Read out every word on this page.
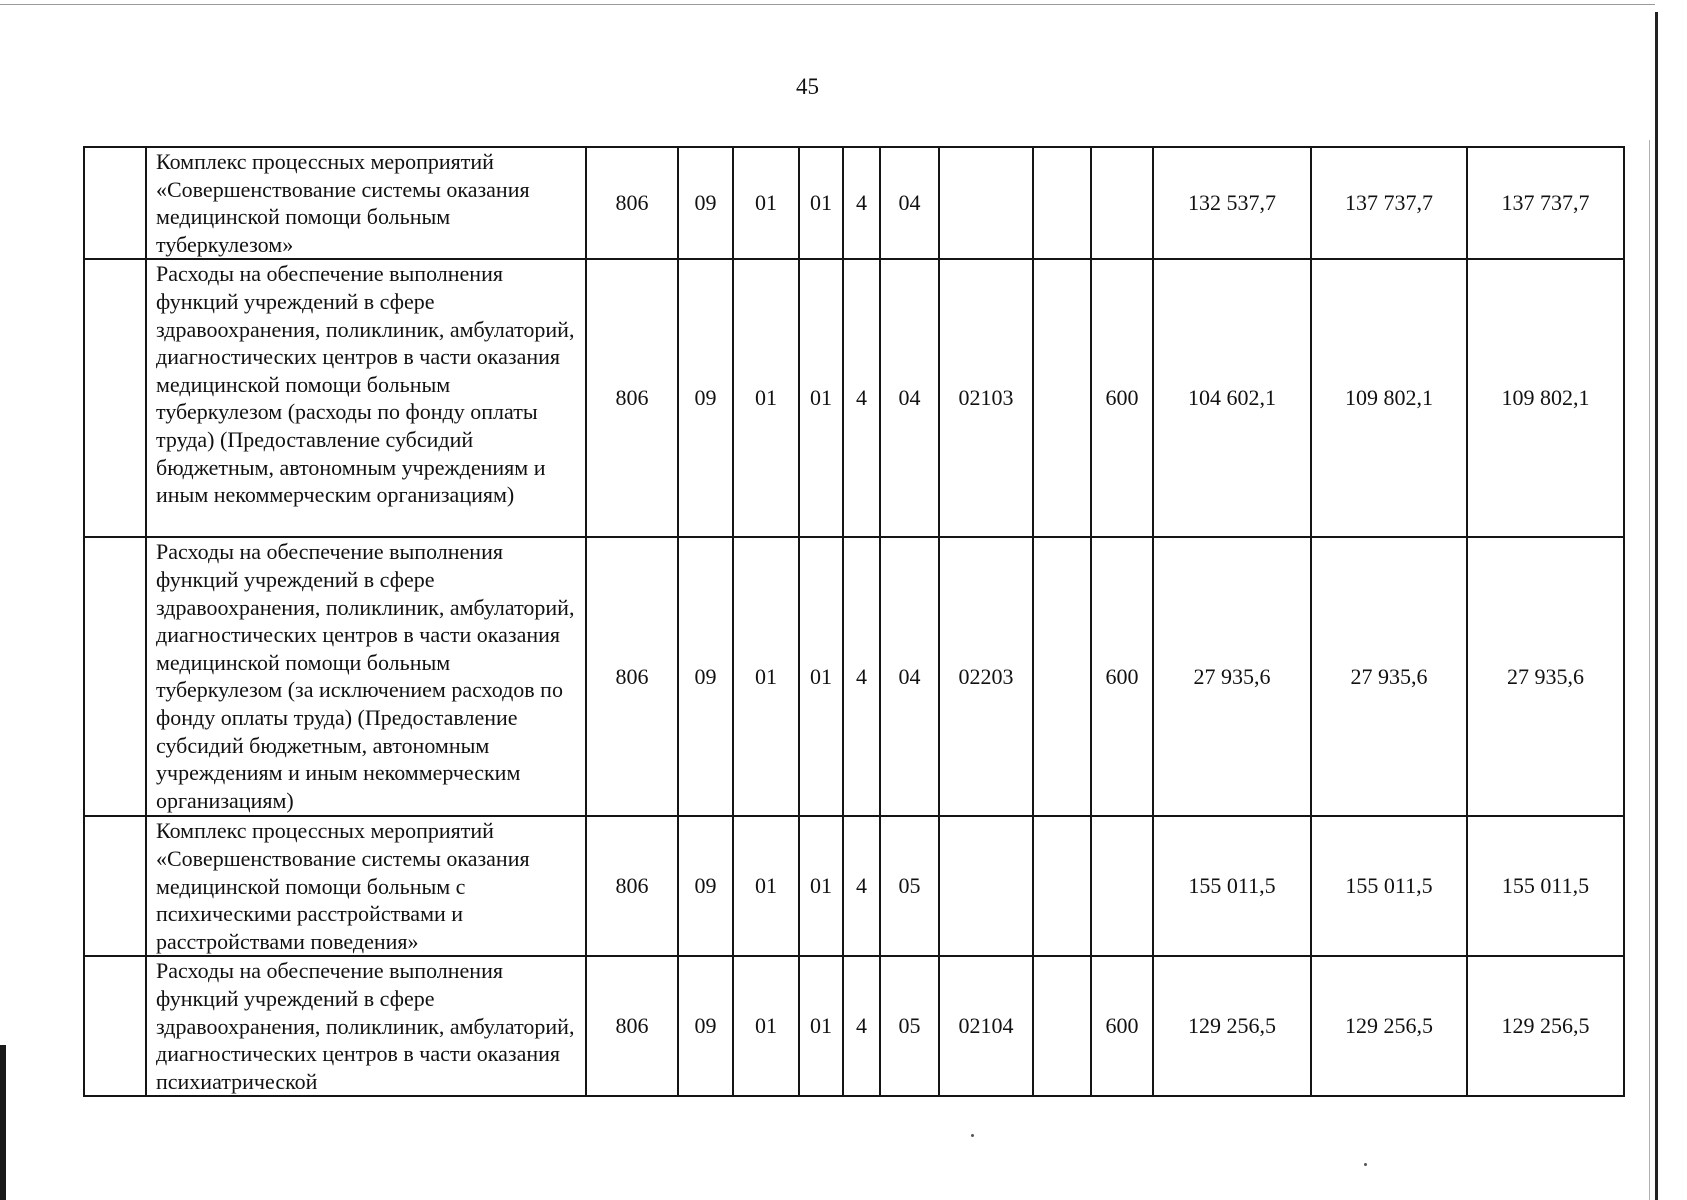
45
	Комплекс процессных мероприятий «Совершенствование системы оказания медицинской помощи больным туберкулезом»	806	09	01	01	4	04				132 537,7	137 737,7	137 737,7
	Расходы на обеспечение выполнения функций учреждений в сфере здравоохранения, поликлиник, амбулаторий, диагностических центров в части оказания медицинской помощи больным туберкулезом (расходы по фонду оплаты труда) (Предоставление субсидий бюджетным, автономным учреждениям и иным некоммерческим организациям)	806	09	01	01	4	04	02103		600	104 602,1	109 802,1	109 802,1
	Расходы на обеспечение выполнения функций учреждений в сфере здравоохранения, поликлиник, амбулаторий, диагностических центров в части оказания медицинской помощи больным туберкулезом (за исключением расходов по фонду оплаты труда) (Предоставление субсидий бюджетным, автономным учреждениям и иным некоммерческим организациям)	806	09	01	01	4	04	02203		600	27 935,6	27 935,6	27 935,6
	Комплекс процессных мероприятий «Совершенствование системы оказания медицинской помощи больным с психическими расстройствами и расстройствами поведения»	806	09	01	01	4	05				155 011,5	155 011,5	155 011,5
	Расходы на обеспечение выполнения функций учреждений в сфере здравоохранения, поликлиник, амбулаторий, диагностических центров в части оказания психиатрической	806	09	01	01	4	05	02104		600	129 256,5	129 256,5	129 256,5
